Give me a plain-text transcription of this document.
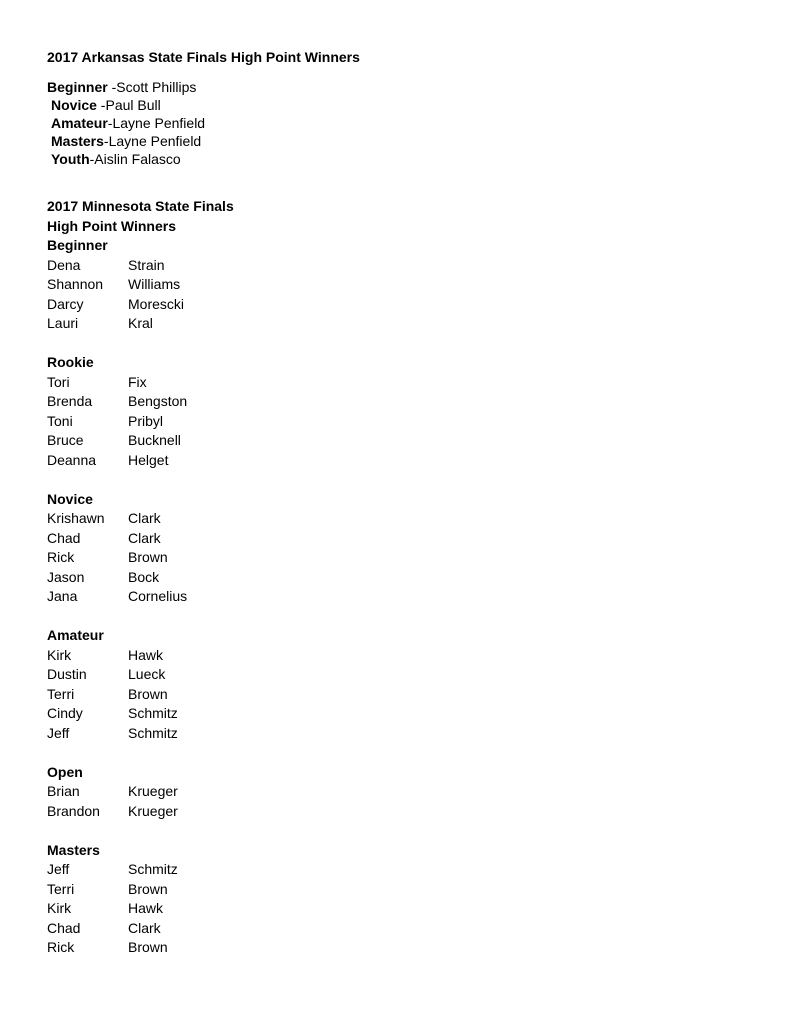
2017 Arkansas State Finals High Point Winners
Beginner -Scott Phillips
Novice -Paul Bull
Amateur-Layne Penfield
Masters-Layne Penfield
Youth-Aislin Falasco
2017 Minnesota State Finals
High Point Winners
Beginner
Dena	Strain
Shannon	Williams
Darcy	Morescki
Lauri	Kral
Rookie
Tori	Fix
Brenda	Bengston
Toni	Pribyl
Bruce	Bucknell
Deanna	Helget
Novice
Krishawn	Clark
Chad	Clark
Rick	Brown
Jason	Bock
Jana	Cornelius
Amateur
Kirk	Hawk
Dustin	Lueck
Terri	Brown
Cindy	Schmitz
Jeff	Schmitz
Open
Brian	Krueger
Brandon	Krueger
Masters
Jeff	Schmitz
Terri	Brown
Kirk	Hawk
Chad	Clark
Rick	Brown
